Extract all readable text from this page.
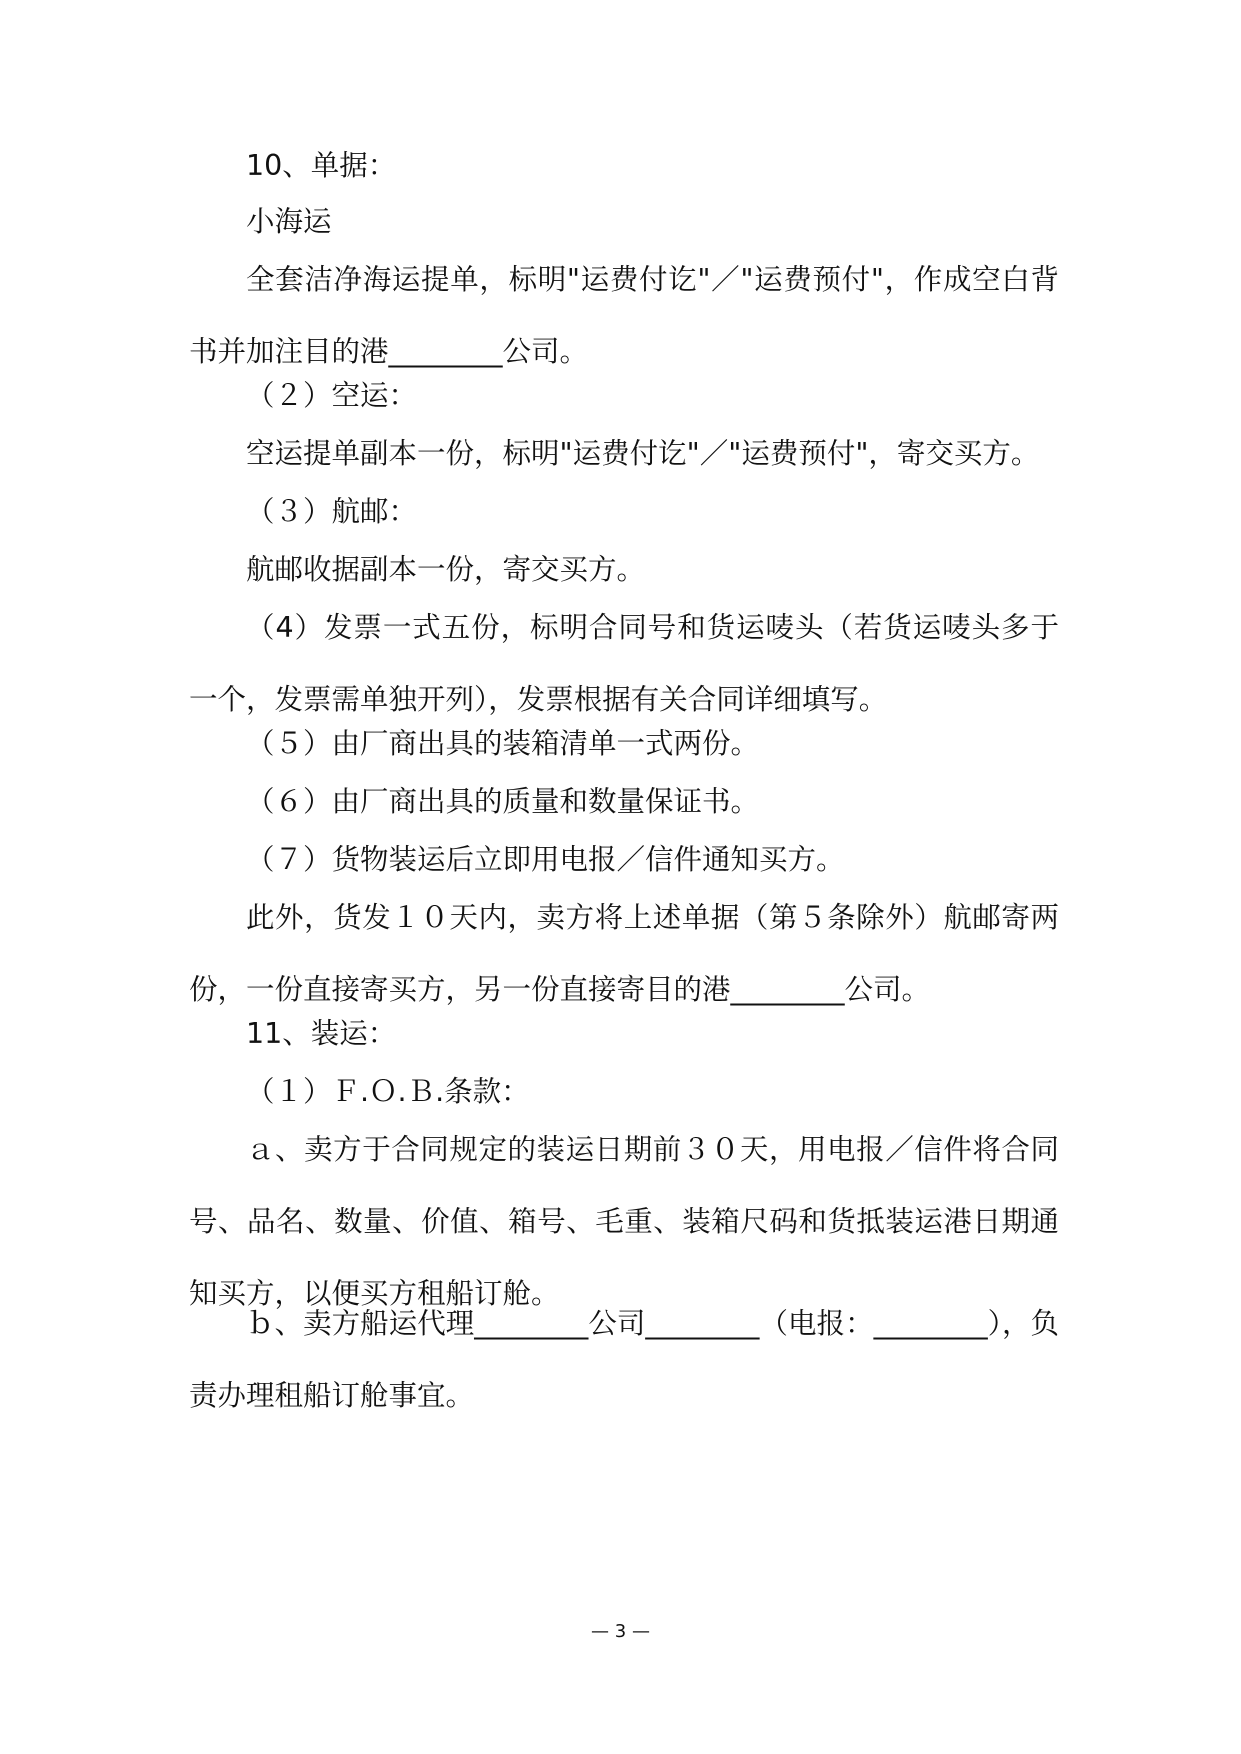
10、单据：

小海运

全套洁净海运提单，标明"运费付讫"／"运费预付"，作成空白背书并加注目的港________公司。

（２）空运：

空运提单副本一份，标明"运费付讫"／"运费预付"，寄交买方。

（３）航邮：

航邮收据副本一份，寄交买方。

（4）发票一式五份，标明合同号和货运唛头（若货运唛头多于一个，发票需单独开列），发票根据有关合同详细填写。

（５）由厂商出具的装箱清单一式两份。

（６）由厂商出具的质量和数量保证书。

（７）货物装运后立即用电报／信件通知买方。

此外，货发１０天内，卖方将上述单据（第５条除外）航邮寄两份，一份直接寄买方，另一份直接寄目的港________公司。

11、装运：

（１）Ｆ.Ｏ.Ｂ.条款：

ａ、卖方于合同规定的装运日期前３０天，用电报／信件将合同号、品名、数量、价值、箱号、毛重、装箱尺码和货抵装运港日期通知买方，以便买方租船订舱。

ｂ、卖方船运代理________公司________（电报：________），负责办理租船订舱事宜。

— 3 —
